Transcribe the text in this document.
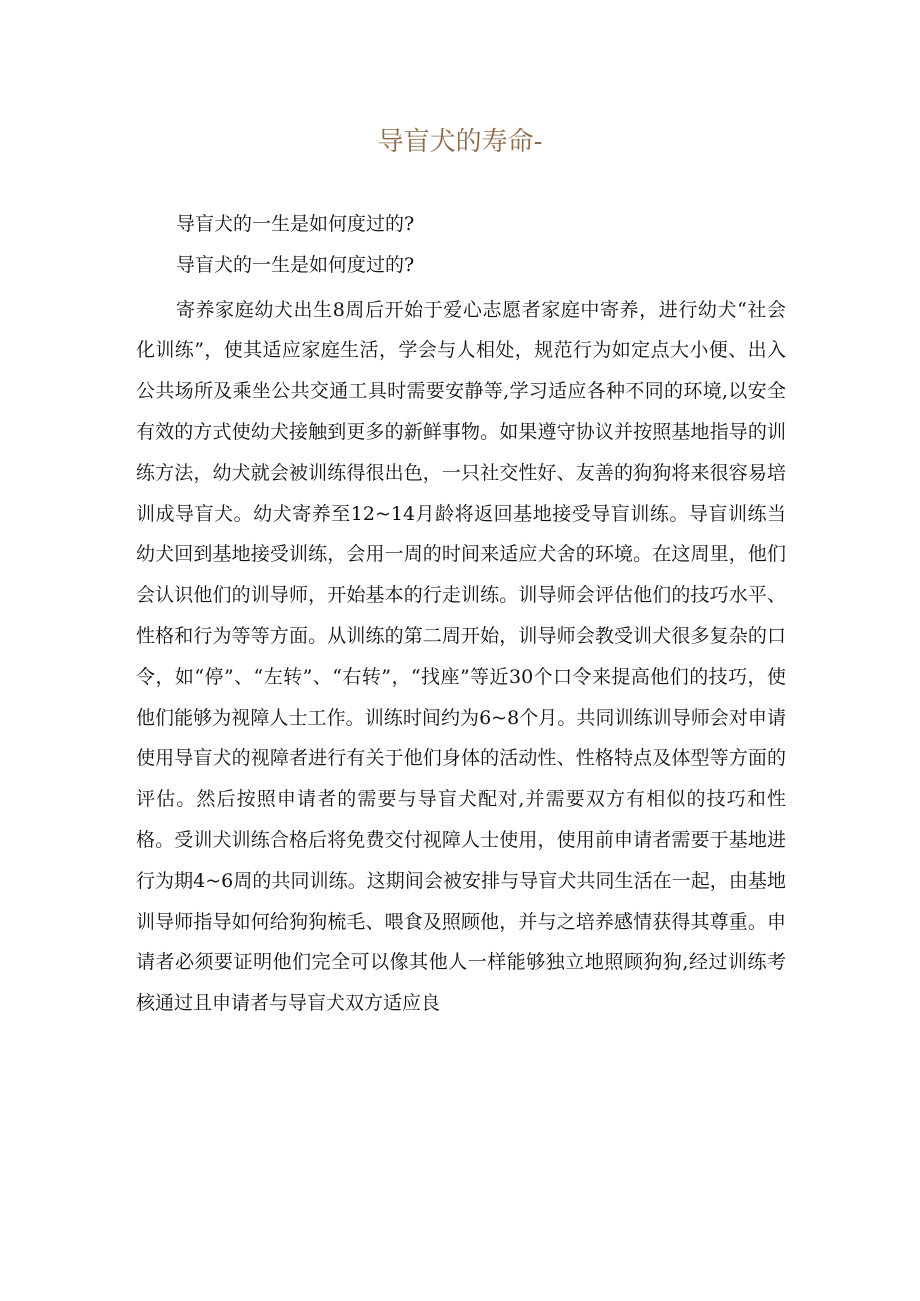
导盲犬的寿命-

导盲犬的一生是如何度过的?

导盲犬的一生是如何度过的?

寄养家庭幼犬出生8周后开始于爱心志愿者家庭中寄养，进行幼犬“社会化训练”，使其适应家庭生活，学会与人相处，规范行为如定点大小便、出入公共场所及乘坐公共交通工具时需要安静等,学习适应各种不同的环境,以安全有效的方式使幼犬接触到更多的新鲜事物。如果遵守协议并按照基地指导的训练方法，幼犬就会被训练得很出色，一只社交性好、友善的狗狗将来很容易培训成导盲犬。幼犬寄养至12~14月龄将返回基地接受导盲训练。导盲训练当幼犬回到基地接受训练，会用一周的时间来适应犬舍的环境。在这周里，他们会认识他们的训导师，开始基本的行走训练。训导师会评估他们的技巧水平、性格和行为等等方面。从训练的第二周开始，训导师会教受训犬很多复杂的口令，如“停”、“左转”、“右转”，“找座”等近30个口令来提高他们的技巧，使他们能够为视障人士工作。训练时间约为6~8个月。共同训练训导师会对申请使用导盲犬的视障者进行有关于他们身体的活动性、性格特点及体型等方面的评估。然后按照申请者的需要与导盲犬配对,并需要双方有相似的技巧和性格。受训犬训练合格后将免费交付视障人士使用，使用前申请者需要于基地进行为期4~6周的共同训练。这期间会被安排与导盲犬共同生活在一起，由基地训导师指导如何给狗狗梳毛、喂食及照顾他，并与之培养感情获得其尊重。申请者必须要证明他们完全可以像其他人一样能够独立地照顾狗狗,经过训练考核通过且申请者与导盲犬双方适应良
